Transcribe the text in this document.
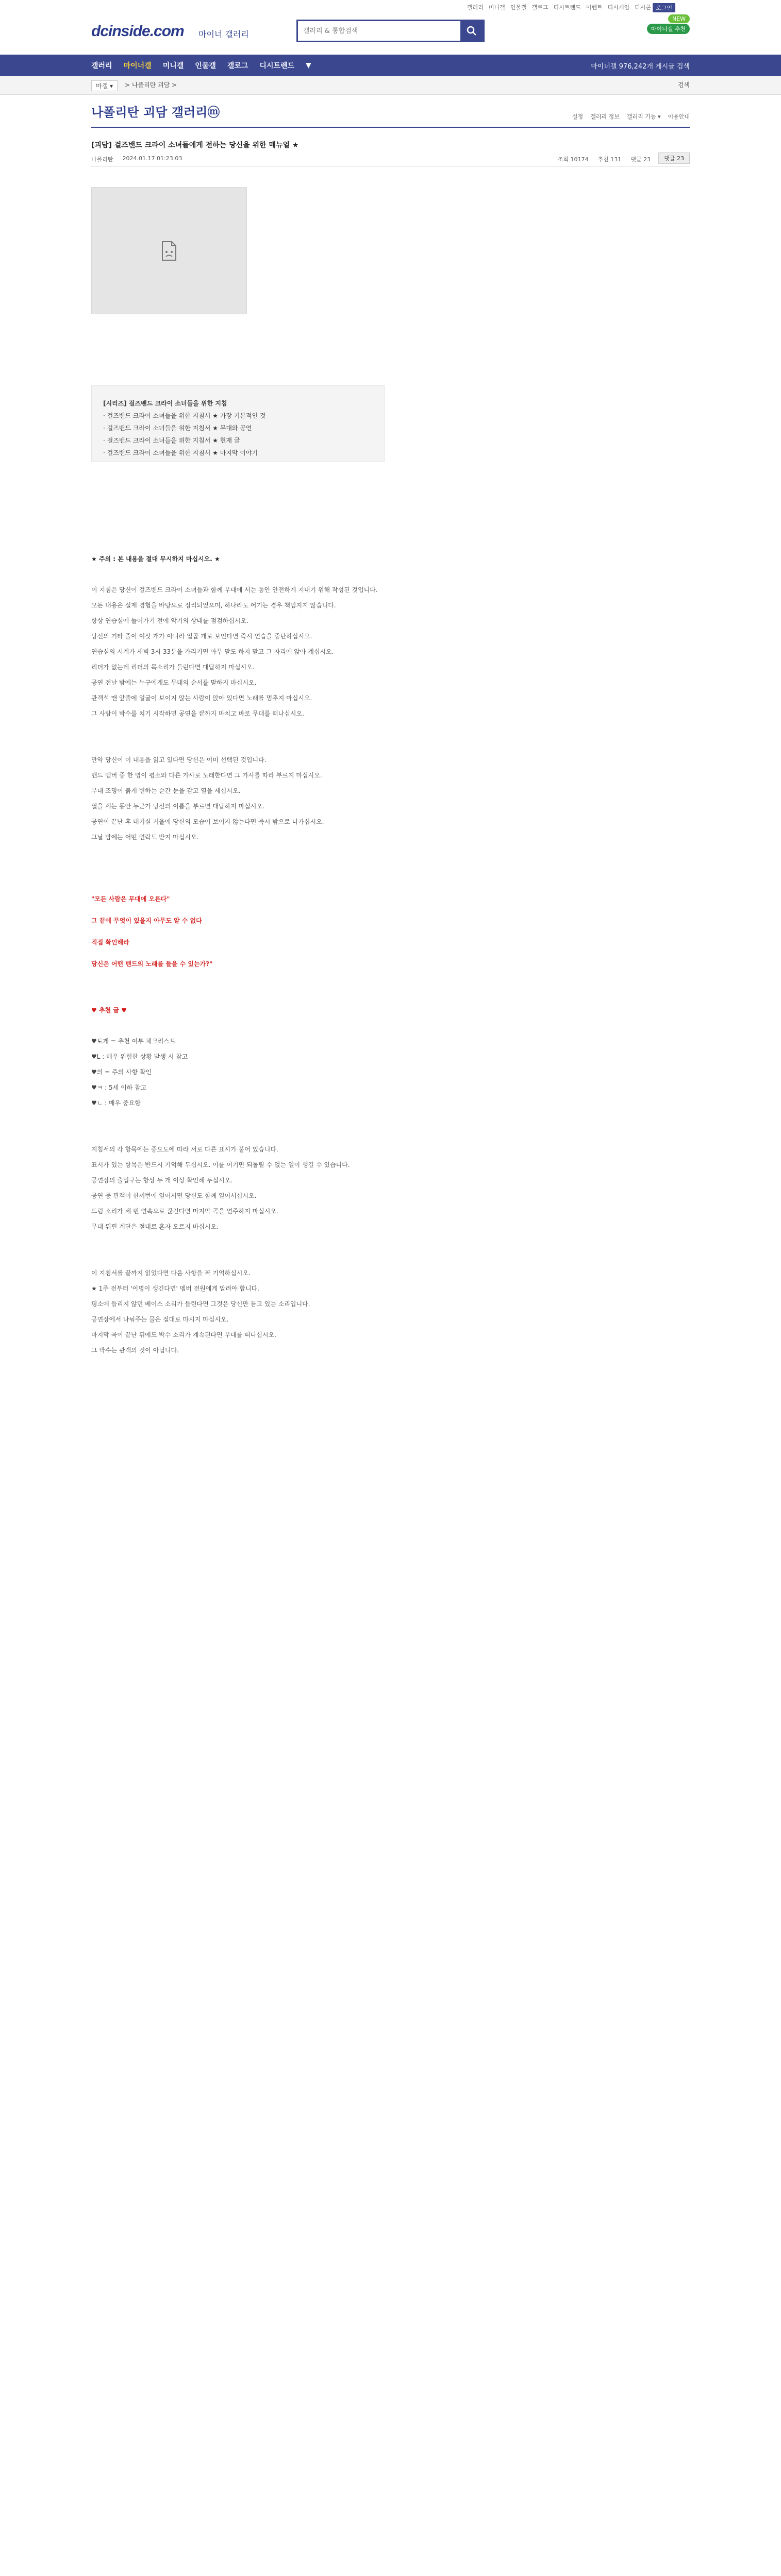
갤러리 미니갤 인물갤 갤로그 디시트렌드 이벤트 디시게임 디시콘 로그인
dcinside.com 마이너 갤러리
갤러리 & 통합검색
NEW
마이너갤 추천
갤러리 마이너갤 미니갤 인물갤 갤로그 디시트렌드 ▼	마이너갤 976,242개 게시글 검색
마갤 ▾	> 나폴리탄 괴담 >	검색
나폴리탄 괴담 갤러리ⓜ	설정 갤러리 정보 갤러리 기능 ▾ 이용안내
[괴담] 걸즈밴드 크라이 소녀들에게 전하는 당신을 위한 매뉴얼 ★
나폴리탄 2024.01.17 01:23:03	조회 10174 추천 131 댓글 23	댓글 23
[시리즈] 걸즈밴드 크라이 소녀들을 위한 지침
· 걸즈밴드 크라이 소녀들을 위한 지침서 ★ 가장 기본적인 것
· 걸즈밴드 크라이 소녀들을 위한 지침서 ★ 무대와 공연
· 걸즈밴드 크라이 소녀들을 위한 지침서 ★ 현재 글
· 걸즈밴드 크라이 소녀들을 위한 지침서 ★ 마지막 이야기

★ 주의 : 본 내용을 절대 무시하지 마십시오. ★

이 지침은 당신이 걸즈밴드 크라이 소녀들과 함께 무대에 서는 동안 안전하게 지내기 위해 작성된 것입니다.

모든 내용은 실제 경험을 바탕으로 정리되었으며, 하나라도 어기는 경우 책임지지 않습니다.

항상 연습실에 들어가기 전에 악기의 상태를 점검하십시오.

당신의 기타 줄이 여섯 개가 아니라 일곱 개로 보인다면 즉시 연습을 중단하십시오.

연습실의 시계가 새벽 3시 33분을 가리키면 아무 말도 하지 말고 그 자리에 앉아 계십시오.

리더가 없는데 리더의 목소리가 들린다면 대답하지 마십시오.

공연 전날 밤에는 누구에게도 무대의 순서를 말하지 마십시오.

관객석 맨 앞줄에 얼굴이 보이지 않는 사람이 앉아 있다면 노래를 멈추지 마십시오.

그 사람이 박수를 치기 시작하면 공연을 끝까지 마치고 바로 무대를 떠나십시오.

만약 당신이 이 내용을 읽고 있다면 당신은 이미 선택된 것입니다.

밴드 멤버 중 한 명이 평소와 다른 가사로 노래한다면 그 가사를 따라 부르지 마십시오.

무대 조명이 붉게 변하는 순간 눈을 감고 열을 세십시오.

열을 세는 동안 누군가 당신의 이름을 부르면 대답하지 마십시오.

공연이 끝난 후 대기실 거울에 당신의 모습이 보이지 않는다면 즉시 밖으로 나가십시오.

그날 밤에는 어떤 연락도 받지 마십시오.

"모든 사람은 무대에 오른다"

그 끝에 무엇이 있을지 아무도 알 수 없다

직접 확인해라

당신은 어떤 밴드의 노래를 들을 수 있는가?"

♥ 추천 글 ♥

♥토게 = 추천 여부 체크리스트

♥L : 매우 위험한 상황 발생 시 참고

♥의 = 주의 사항 확인

♥ㅋ : 5세 이하 참고

♥ㄴ : 매우 중요함

지침서의 각 항목에는 중요도에 따라 서로 다른 표시가 붙어 있습니다.

표시가 있는 항목은 반드시 기억해 두십시오. 이를 어기면 되돌릴 수 없는 일이 생길 수 있습니다.

공연장의 출입구는 항상 두 개 이상 확인해 두십시오.

공연 중 관객이 한꺼번에 일어서면 당신도 함께 일어서십시오.

드럼 소리가 세 번 연속으로 끊긴다면 마지막 곡을 연주하지 마십시오.

무대 뒤편 계단은 절대로 혼자 오르지 마십시오.

이 지침서를 끝까지 읽었다면 다음 사항을 꼭 기억하십시오.

★ 1주 전부터 '이명이 생긴다면' 멤버 전원에게 알려야 합니다.

평소에 들리지 않던 베이스 소리가 들린다면 그것은 당신만 듣고 있는 소리입니다.

공연장에서 나눠주는 물은 절대로 마시지 마십시오.

마지막 곡이 끝난 뒤에도 박수 소리가 계속된다면 무대를 떠나십시오.

그 박수는 관객의 것이 아닙니다.
